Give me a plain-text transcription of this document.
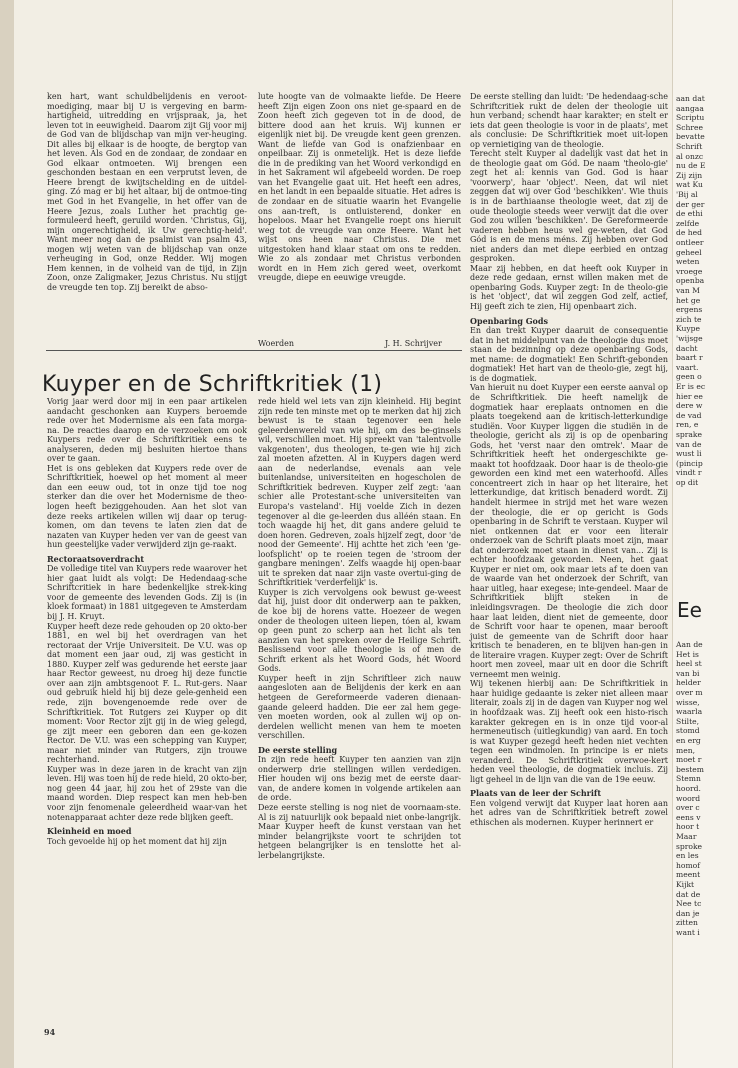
ken hart, want schuldbelijdenis en veroot-moediging, maar bij U is vergeving en barm-hartigheid, uitredding en vrijspraak, ja, het leven tot in eeuwigheid. Daarom zijt Gij voor mij de God van de blijdschap van mijn ver-heuging. Dit alles bij elkaar is de hoogte, de bergtop van het leven. Als God en de zondaar, de zondaar en God elkaar ontmoeten. Wij brengen een geschonden bestaan en een verprutst leven, de Heere brengt de kwijtschelding en de uitdel-ging. Zó mag er bij het altaar, bij de ontmoe-ting met God in het Evangelie, in het offer van de Heere Jezus, zoals Luther het prachtig ge-formuleerd heeft, geruild worden. 'Christus, Gij, mijn ongerechtigheid, ik Uw gerechtig-heid'. Want meer nog dan de psalmist van psalm 43, mogen wij weten van de blijdschap van onze verheuging in God, onze Redder. Wij mogen Hem kennen, in de volheid van de tijd, in Zijn Zoon, onze Zaligmaker, Jezus Christus. Nu stijgt de vreugde ten top. Zij bereikt de abso-

lute hoogte van de volmaakte liefde. De Heere heeft Zijn eigen Zoon ons niet ge-spaard en de Zoon heeft zich gegeven tot in de dood, de bittere dood aan het kruis. Wij kunnen er eigenlijk niet bij. De vreugde kent geen grenzen. Want de liefde van God is onafzienbaar en onpeilbaar. Zij is onmetelijk. Het is deze liefde die in de prediking van het Woord verkondigd en in het Sakrament wil afgebeeld worden. De roep van het Evangelie gaat uit. Het heeft een adres, en het landt in een bepaalde situatie. Het adres is de zondaar en de situatie waarin het Evangelie ons aan-treft, is ontluisterend, donker en hopeloos. Maar het Evangelie roept ons hieruit weg tot de vreugde van onze Heere. Want het wijst ons heen naar Christus. Die met uitgestoken hand klaar staat om ons te redden. Wie zo als zondaar met Christus verbonden wordt en in Hem zich gered weet, overkomt vreugde, diepe en eeuwige vreugde.

Woerden	J. H. Schrijver
Kuyper en de Schriftkritiek (1)

Vorig jaar werd door mij in een paar artikelen aandacht geschonken aan Kuypers beroemde rede over het Modernisme als een fata morga-na. De reacties daarop en de verzoeken om ook Kuypers rede over de Schriftkritiek eens te analyseren, deden mij besluiten hiertoe thans over te gaan.

Het is ons gebleken dat Kuypers rede over de Schriftkritiek, hoewel op het moment al meer dan een eeuw oud, tot in onze tijd toe nog sterker dan die over het Modernisme de theo-logen heeft beziggehouden. Aan het slot van deze reeks artikelen willen wij daar op terug-komen, om dan tevens te laten zien dat de nazaten van Kuyper heden ver van de geest van hun geestelijke vader verwijderd zijn ge-raakt.

Rectoraatsoverdracht

De volledige titel van Kuypers rede waarover het hier gaat luidt als volgt: De Hedendaag-sche Schriftcritiek in hare bedenkelijke strek-king voor de gemeente des levenden Gods. Zij is (in kloek formaat) in 1881 uitgegeven te Amsterdam bij J. H. Kruyt.

Kuyper heeft deze rede gehouden op 20 okto-ber 1881, en wel bij het overdragen van het rectoraat der Vrije Universiteit. De V.U. was op dat moment een jaar oud, zij was gesticht in 1880. Kuyper zelf was gedurende het eerste jaar haar Rector geweest, nu droeg hij deze functie over aan zijn ambtsgenoot F. L. Rut-gers. Naar oud gebruik hield hij bij deze gele-genheid een rede, zijn bovengenoemde rede over de Schriftkritiek. Tot Rutgers zei Kuyper op dit moment: Voor Rector zijt gij in de wieg gelegd, ge zijt meer een geboren dan een ge-kozen Rector. De V.U. was een schepping van Kuyper, maar niet minder van Rutgers, zijn trouwe rechterhand.

Kuyper was in deze jaren in de kracht van zijn leven. Hij was toen hij de rede hield, 20 okto-ber, nog geen 44 jaar, hij zou het of 29ste van die maand worden. Diep respect kan men heb-ben voor zijn fenomenale geleerdheid waar-van het notenapparaat achter deze rede blijken geeft.

Kleinheid en moed

Toch gevoelde hij op het moment dat hij zijn

rede hield wel iets van zijn kleinheid. Hij begint zijn rede ten minste met op te merken dat hij zich bewust is te staan tegenover een hele geleerdenwereld van wie hij, om des be-ginsels wil, verschillen moet. Hij spreekt van 'talentvolle vakgenoten', dus theologen, te-gen wie hij zich zal moeten afzetten. Al in Kuypers dagen werd aan de nederlandse, evenals aan vele buitenlandse, universiteiten en hogescholen de Schriftkritiek bedreven. Kuyper zelf zegt: 'aan schier alle Protestant-sche universiteiten van Europa's vasteland'. Hij voelde Zich in dezen tegenover al die ge-leerden dus alléén staan. En toch waagde hij het, dit gans andere geluid te doen horen. Gedreven, zoals hijzelf zegt, door 'de nood der Gemeente'. Hij achtte het zich 'een 'ge-loofsplicht' op te roeien tegen de 'stroom der gangbare meningen'. Zelfs waagde hij open-baar uit te spreken dat naar zijn vaste overtui-ging de Schriftkritiek 'verderfelijk' is.

Kuyper is zich vervolgens ook bewust ge-weest dat hij, juist door dit onderwerp aan te pakken, de koe bij de horens vatte. Hoezeer de wegen onder de theologen uiteen liepen, tóen al, kwam op geen punt zo scherp aan het licht als ten aanzien van het spreken over de Heilige Schrift. Beslissend voor alle theologie is of men de Schrift erkent als het Woord Gods, hét Woord Gods.

Kuyper heeft in zijn Schriftleer zich nauw aangesloten aan de Belijdenis der kerk en aan hetgeen de Gereformeerde vaderen dienaan-gaande geleerd hadden. Die eer zal hem gege-ven moeten worden, ook al zullen wij op on-derdelen wellicht menen van hem te moeten verschillen.

De eerste stelling

In zijn rede heeft Kuyper ten aanzien van zijn onderwerp drie stellingen willen verdedigen. Hier houden wij ons bezig met de eerste daar-van, de andere komen in volgende artikelen aan de orde.

Deze eerste stelling is nog niet de voornaam-ste. Al is zij natuurlijk ook bepaald niet onbe-langrijk. Maar Kuyper heeft de kunst verstaan van het minder belangrijkste voort te schrijden tot hetgeen belangrijker is en tenslotte het al-lerbelangrijkste.

De eerste stelling dan luidt: 'De hedendaag-sche Schriftcritiek rukt de delen der theologie uit hun verband; schendt haar karakter; en stelt er iets dat geen theologie is voor in de plaats', met als conclusie: De Schriftkritiek moet uit-lopen op vernietiging van de theologie.

Terecht stelt Kuyper al dadelijk vast dat het in de theologie gaat om Gód. De naam 'theolo-gie' zegt het al: kennis van God. God is haar 'voorwerp', haar 'object'. Neen, dat wil niet zeggen dat wij over God 'beschikken'. Wie thuis is in de barthiaanse theologie weet, dat zij de oude theologie steeds weer verwijt dat die over God zou willen 'beschikken'. De Gereformeerde vaderen hebben heus wel ge-weten, dat God Gód is en de mens méns. Zij hebben over God niet anders dan met diepe eerbied en ontzag gesproken.

Maar zij hebben, en dat heeft ook Kuyper in deze rede gedaan, ernst willen maken met de openbaring Gods. Kuyper zegt: In de theolo-gie is het 'object', dat wil zeggen God zelf, actief, Hij geeft zich te zien, Hij openbaart zich.

Openbaring Gods

En dan trekt Kuyper daaruit de consequentie dat in het middelpunt van de theologie dus moet staan de bezinning op deze openbaring Gods, met name: de dogmatiek! Een Schrift-gebonden dogmatiek! Het hart van de theolo-gie, zegt hij, is de dogmatiek.

Van hieruit nu doet Kuyper een eerste aanval op de Schriftkritiek. Die heeft namelijk de dogmatiek haar ereplaats ontnomen en die plaats toegekend aan de kritisch-letterkundige studiën. Voor Kuyper liggen die studiën in de theologie, gericht als zij is op de openbaring Gods, het 'verst naar den omtrek'. Maar de Schriftkritiek heeft het ondergeschikte ge-maakt tot hoofdzaak. Door haar is de theolo-gie geworden een kind met een waterhoofd. Alles concentreert zich in haar op het literaire, het letterkundige, dat kritisch benaderd wordt. Zij handelt hiermee in strijd met het ware wezen der theologie, die er op gericht is Gods openbaring in de Schrift te verstaan. Kuyper wil niet ontkennen dat er voor een literair onderzoek van de Schrift plaats moet zijn, maar dat onderzoek moet staan in dienst van... Zij is echter hoofdzaak geworden. Neen, het gaat Kuyper er niet om, ook maar iets af te doen van de waarde van het onderzoek der Schrift, van haar uitleg, haar exegese; inte-gendeel. Maar de Schriftkritiek blijft steken in de inleidingsvragen. De theologie die zich door haar laat leiden, dient niet de gemeente, door de Schrift voor haar te openen, maar berooft juist de gemeente van de Schrift door haar kritisch te benaderen, en te blijven han-gen in de literaire vragen. Kuyper zegt: Over de Schrift hoort men zoveel, maar uit en door die Schrift verneemt men weinig.

Wij tekenen hierbij aan: De Schriftkritiek in haar huidige gedaante is zeker niet alleen maar literair, zoals zij in de dagen van Kuyper nog wel in hoofdzaak was. Zij heeft ook een histo-risch karakter gekregen en is in onze tijd voor-al hermeneutisch (uitlegkundig) van aard. En toch is wat Kuyper gezegd heeft heden niet vechten tegen een windmolen. In principe is er niets veranderd. De Schriftkritiek overwoe-kert heden veel theologie, de dogmatiek incluis. Zij ligt geheel in de lijn van die van de 19e eeuw.

Plaats van de leer der Schrift

Een volgend verwijt dat Kuyper laat horen aan het adres van de Schriftkritiek betreft zowel ethischen als modernen. Kuyper herinnert er

94
aan dat
aangaa
Scriptu
Schree
bevatte
Schrift
al onzc
nu de E
Zij zijn
wat Ku
'Bij al
der ger
de ethi
zelfde
de hed
ontleer
geheel
weten
vroege
openba
van M
het ge
ergens
zich te
Kuype
'wijsge
dacht
baart r
vaart.
geen o
Er is ec
hier ee
dere w
de vad
ren, e
sprake
van de
wust li
(pincip
vindt r
op dit
Ee
Aan de
Het is
heel st
van bi
helder
over m
wisse,
waarla
Stilte,
stomd
en erg
men,
moet r
bestem
Stemn
hoord.
woord
over c
eens v
hoor t
Maar
sproke
en les
homof
meent
Kijkt
dat de
Nee tc
dan je
zitten
want i
